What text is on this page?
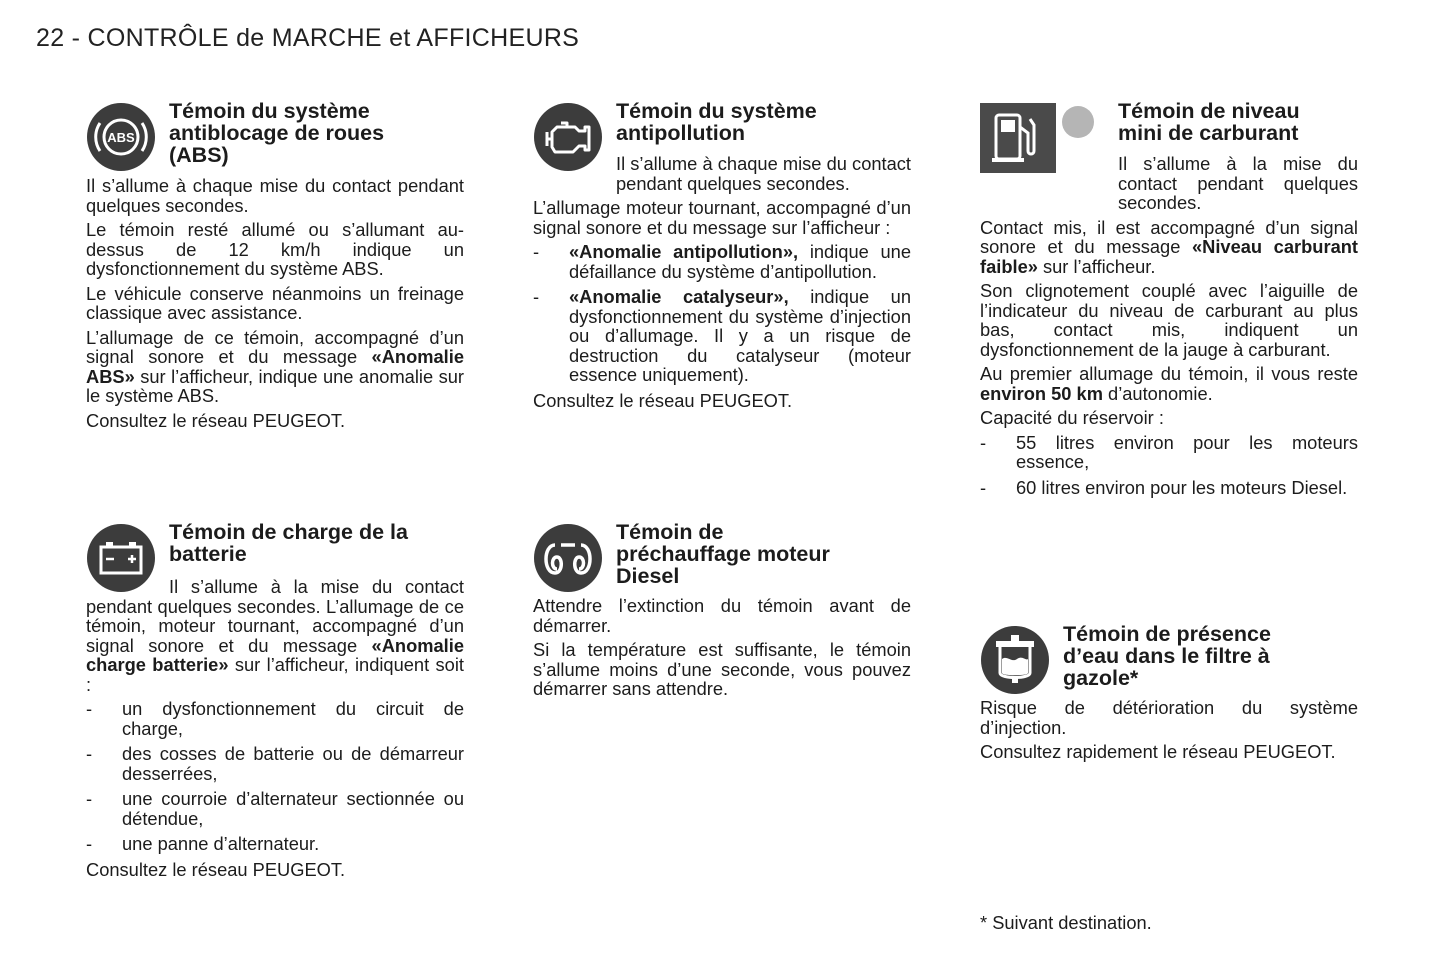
22 - CONTRÔLE de MARCHE et AFFICHEURS
ABS
Témoin du système
antiblocage de roues
(ABS)

Il s’allume à chaque mise du contact pendant quelques secondes.

Le témoin resté allumé ou s’allumant au-dessus de 12 km/h indique un dysfonctionnement du système ABS.

Le véhicule conserve néanmoins un freinage classique avec assistance.

L’allumage de ce témoin, accompagné d’un signal sonore et du message «Anomalie ABS» sur l’afficheur, indique une anomalie sur le système ABS.

Consultez le réseau PEUGEOT.

Témoin de charge de la
batterie

Il s’allume à la mise du contact pendant quelques secondes. L’allumage de ce témoin, moteur tournant, accompagné d’un signal sonore et du message «Anomalie charge batterie» sur l’afficheur, indiquent soit :

- un dysfonctionnement du circuit de charge,
- des cosses de batterie ou de démarreur desserrées,
- une courroie d’alternateur sectionnée ou détendue,
- une panne d’alternateur.

Consultez le réseau PEUGEOT.

Témoin du système
antipollution

Il s’allume à chaque mise du contact pendant quelques secondes.

L’allumage moteur tournant, accompagné d’un signal sonore et du message sur l’afficheur :

- «Anomalie antipollution», indique une défaillance du système d’antipollution.
- «Anomalie catalyseur», indique un dysfonctionnement du système d’injection ou d’allumage. Il y a un risque de destruction du catalyseur (moteur essence uniquement).

Consultez le réseau PEUGEOT.

Témoin de
préchauffage moteur
Diesel

Attendre l’extinction du témoin avant de démarrer.

Si la température est suffisante, le témoin s’allume moins d’une seconde, vous pouvez démarrer sans attendre.

Témoin de niveau
mini de carburant

Il s’allume à la mise du contact pendant quelques secondes.

Contact mis, il est accompagné d’un signal sonore et du message «Niveau carburant faible» sur l’afficheur.

Son clignotement couplé avec l’aiguille de l’indicateur du niveau de carburant au plus bas, contact mis, indiquent un dysfonctionnement de la jauge à carburant.

Au premier allumage du témoin, il vous reste environ 50 km d’autonomie.

Capacité du réservoir :

- 55 litres environ pour les moteurs essence,
- 60 litres environ pour les moteurs Diesel.
Témoin de présence
d’eau dans le filtre à
gazole*

Risque de détérioration du système d’injection.

Consultez rapidement le réseau PEUGEOT.

* Suivant destination.
